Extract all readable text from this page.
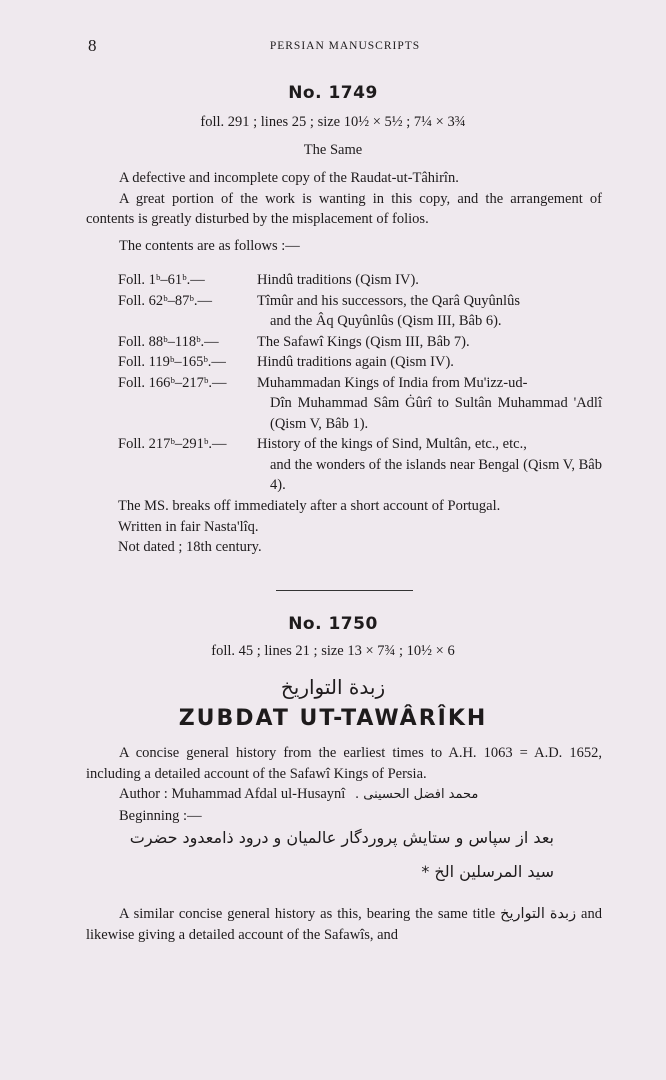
8	PERSIAN MANUSCRIPTS
No. 1749
foll. 291 ; lines 25 ; size 10½ × 5½ ; 7¼ × 3¾
The Same

A defective and incomplete copy of the Raudat-ut-Tâhirîn.

A great portion of the work is wanting in this copy, and the arrangement of contents is greatly disturbed by the misplacement of folios.

The contents are as follows :—

Foll. 1ᵇ–61ᵇ.—	Hindû traditions (Qism IV).
Foll. 62ᵇ–87ᵇ.—	Tîmûr and his successors, the Qarâ Quyûnlûs
and the Âq Quyûnlûs (Qism III, Bâb 6).
Foll. 88ᵇ–118ᵇ.—	The Safawî Kings (Qism III, Bâb 7).
Foll. 119ᵇ–165ᵇ.—	Hindû traditions again (Qism IV).
Foll. 166ᵇ–217ᵇ.—	Muhammadan Kings of India from Mu'izz-ud-
Dîn Muhammad Sâm Ġûrî to Sultân Muhammad 'Adlî (Qism V, Bâb 1).
Foll. 217ᵇ–291ᵇ.—	History of the kings of Sind, Multân, etc., etc.,
and the wonders of the islands near Bengal (Qism V, Bâb 4).
The MS. breaks off immediately after a short account of Portugal.
Written in fair Nasta'lîq.
Not dated ; 18th century.
No. 1750
foll. 45 ; lines 21 ; size 13 × 7¾ ; 10½ × 6
زبدة التواريخ
ZUBDAT UT-TAWÂRÎKH

A concise general history from the earliest times to A.H. 1063 = A.D. 1652, including a detailed account of the Safawî Kings of Persia.

Author : Muhammad Afdal ul-Husaynî محمد افضل الحسینی .

Beginning :—

بعد از سپاس و ستایش پروردگار عالمیان و درود ذامعدود حضرت
سید المرسلین الخ *

A similar concise general history as this, bearing the same title زبدة التواریخ and likewise giving a detailed account of the Safawîs, and
